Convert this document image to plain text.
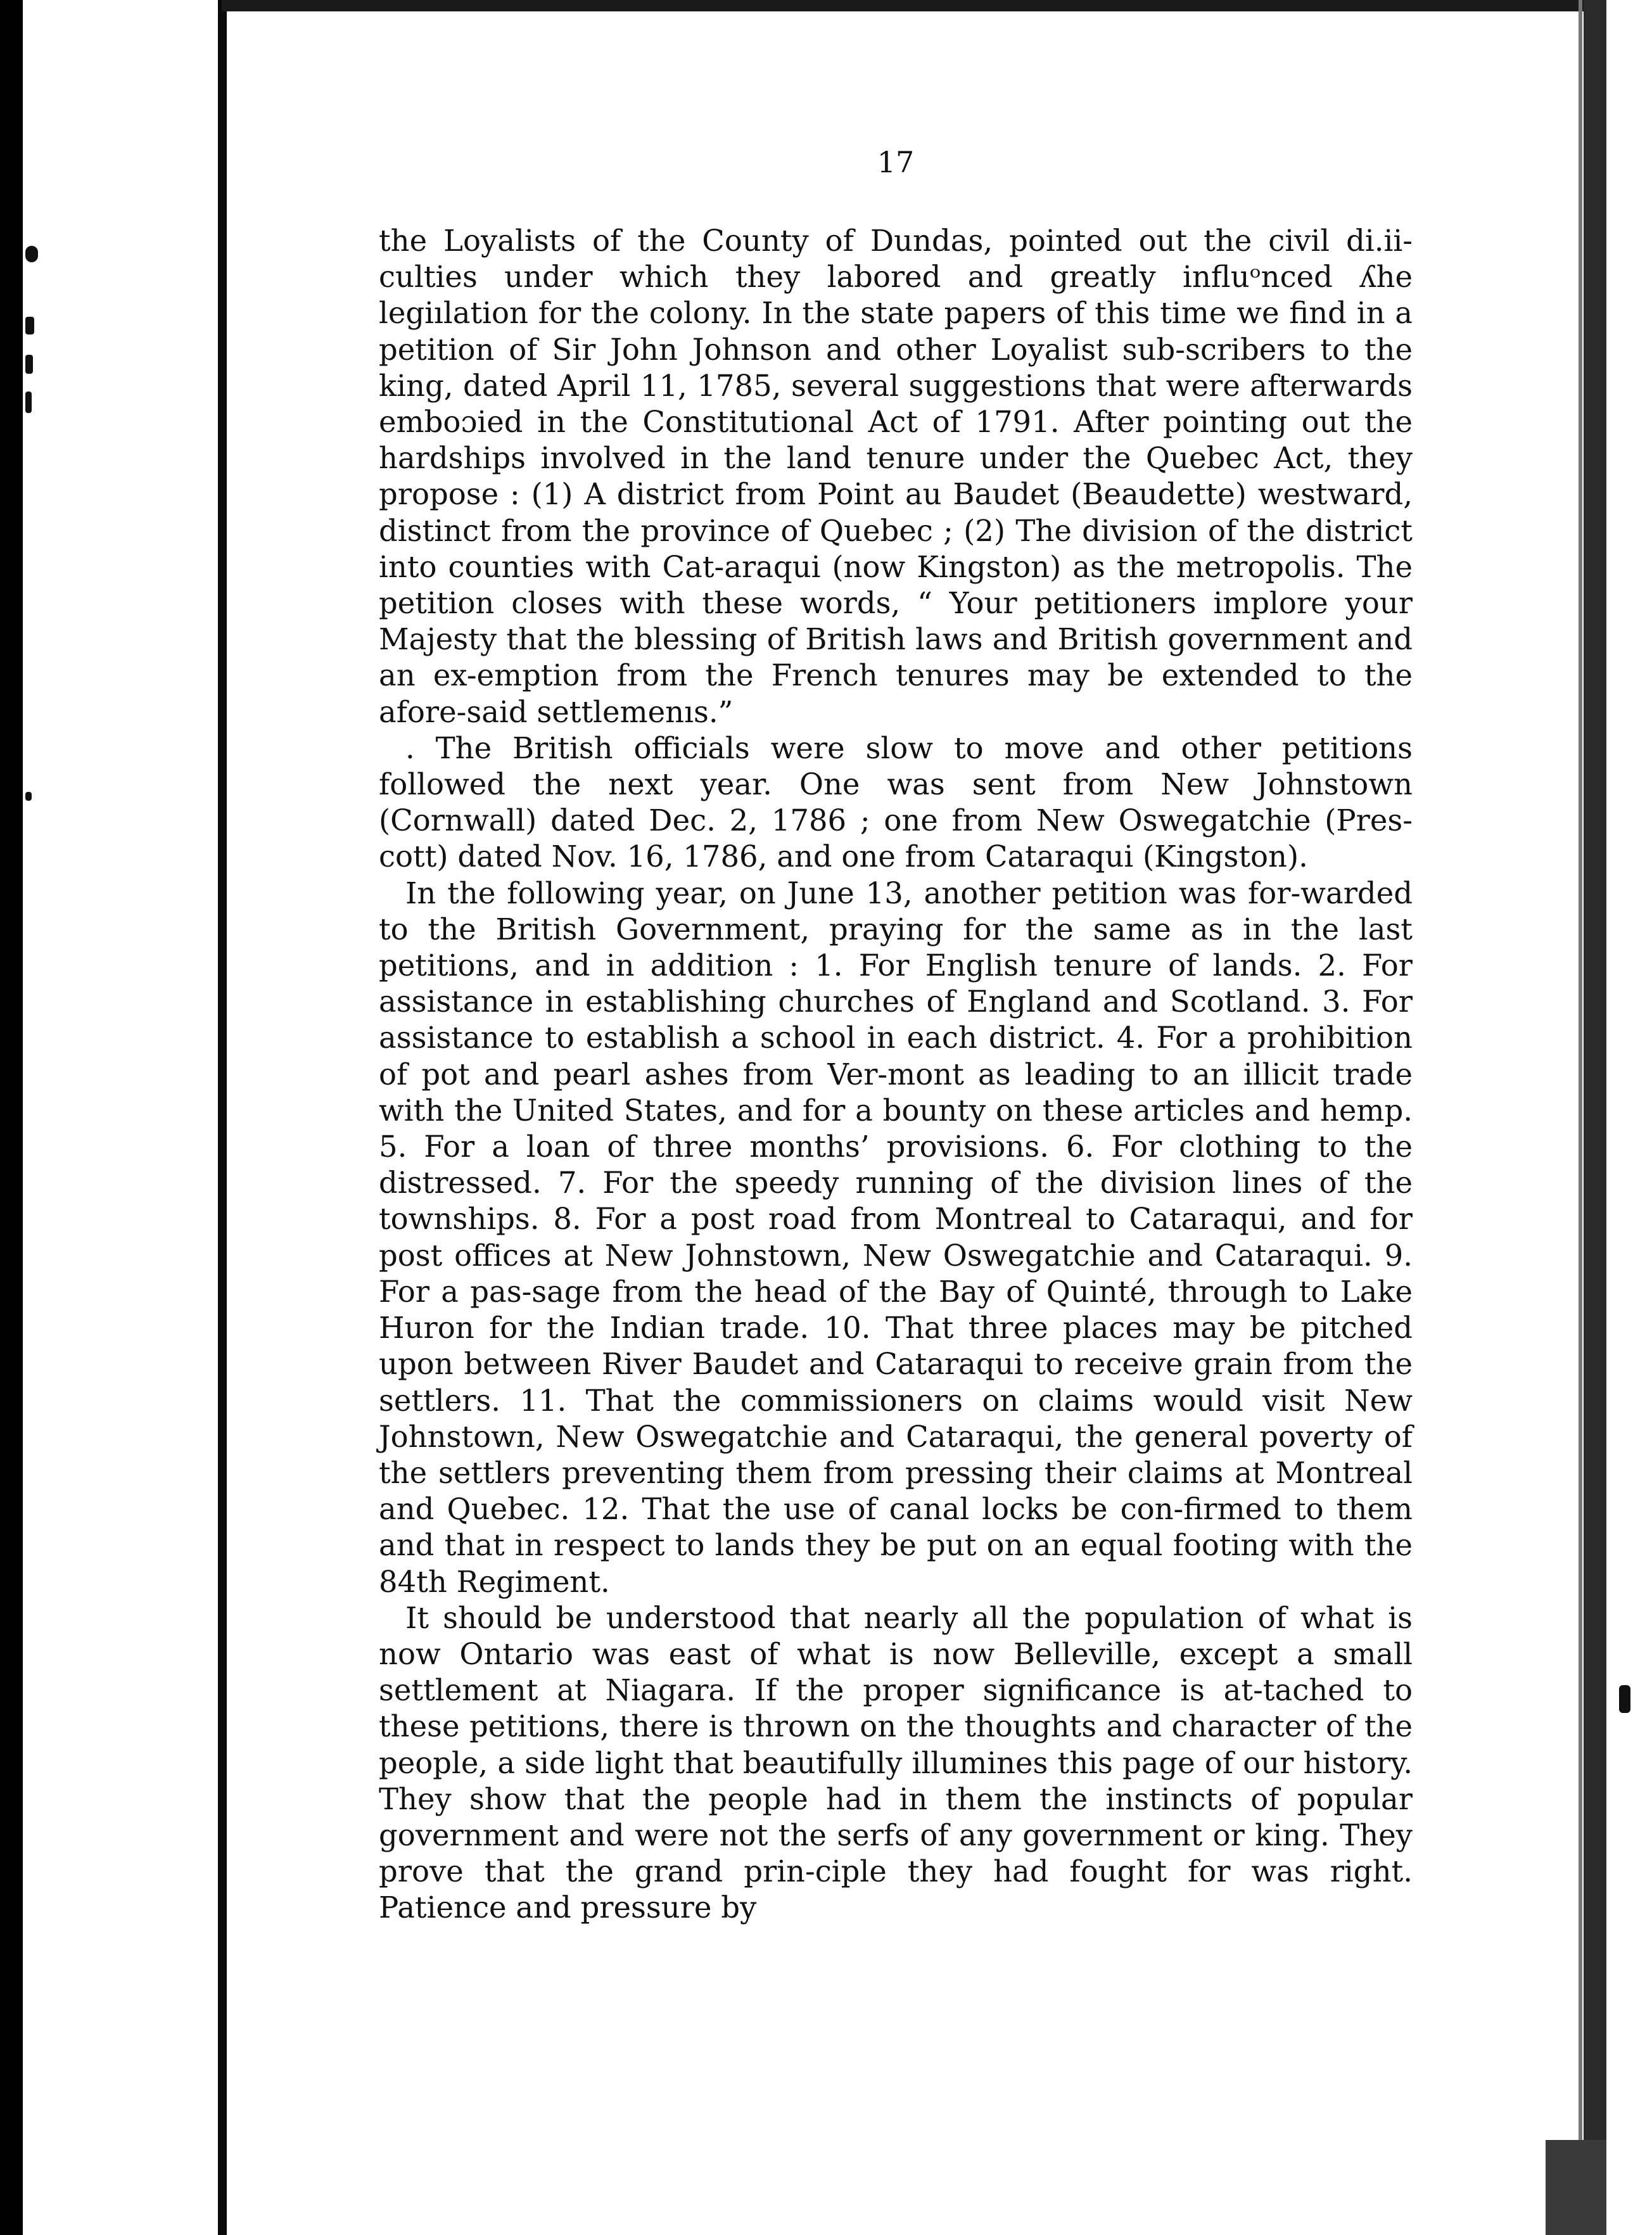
17

the Loyalists of the County of Dundas, pointed out the civil di.ii-culties under which they labored and greatly influᵒnced ʎhe legiılation for the colony. In the state papers of this time we find in a petition of Sir John Johnson and other Loyalist sub-scribers to the king, dated April 11, 1785, several suggestions that were afterwards emboɔied in the Constitutional Act of 1791. After pointing out the hardships involved in the land tenure under the Quebec Act, they propose : (1) A district from Point au Baudet (Beaudette) westward, distinct from the province of Quebec ; (2) The division of the district into counties with Cat-araqui (now Kingston) as the metropolis. The petition closes with these words, “ Your petitioners implore your Majesty that the blessing of British laws and British government and an ex-emption from the French tenures may be extended to the afore-said settlemenıs.”

. The British officials were slow to move and other petitions followed the next year. One was sent from New Johnstown (Cornwall) dated Dec. 2, 1786 ; one from New Oswegatchie (Pres-cott) dated Nov. 16, 1786, and one from Cataraqui (Kingston).

In the following year, on June 13, another petition was for-warded to the British Government, praying for the same as in the last petitions, and in addition : 1. For English tenure of lands. 2. For assistance in establishing churches of England and Scotland. 3. For assistance to establish a school in each district. 4. For a prohibition of pot and pearl ashes from Ver-mont as leading to an illicit trade with the United States, and for a bounty on these articles and hemp. 5. For a loan of three months’ provisions. 6. For clothing to the distressed. 7. For the speedy running of the division lines of the townships. 8. For a post road from Montreal to Cataraqui, and for post offices at New Johnstown, New Oswegatchie and Cataraqui. 9. For a pas-sage from the head of the Bay of Quinté, through to Lake Huron for the Indian trade. 10. That three places may be pitched upon between River Baudet and Cataraqui to receive grain from the settlers. 11. That the commissioners on claims would visit New Johnstown, New Oswegatchie and Cataraqui, the general poverty of the settlers preventing them from pressing their claims at Montreal and Quebec. 12. That the use of canal locks be con-firmed to them and that in respect to lands they be put on an equal footing with the 84th Regiment.

It should be understood that nearly all the population of what is now Ontario was east of what is now Belleville, except a small settlement at Niagara. If the proper significance is at-tached to these petitions, there is thrown on the thoughts and character of the people, a side light that beautifully illumines this page of our history. They show that the people had in them the instincts of popular government and were not the serfs of any government or king. They prove that the grand prin-ciple they had fought for was right. Patience and pressure by
